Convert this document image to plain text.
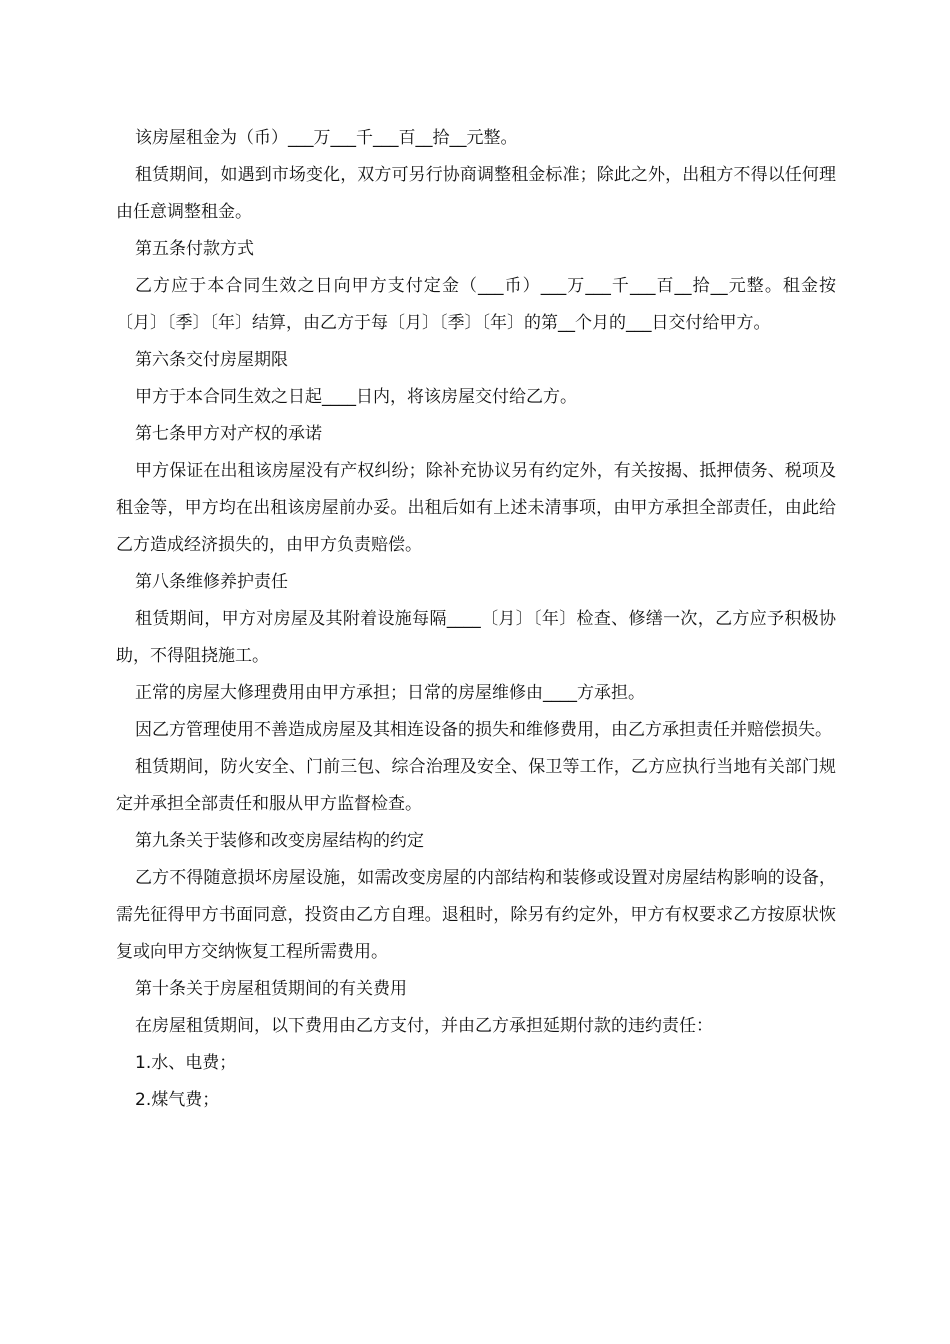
该房屋租金为（币）___万___千___百__拾__元整。

租赁期间，如遇到市场变化，双方可另行协商调整租金标准；除此之外，出租方不得以任何理由任意调整租金。

第五条付款方式

乙方应于本合同生效之日向甲方支付定金（___币）___万___千___百__拾__元整。租金按〔月〕〔季〕〔年〕结算，由乙方于每〔月〕〔季〕〔年〕的第__个月的___日交付给甲方。

第六条交付房屋期限

甲方于本合同生效之日起____日内，将该房屋交付给乙方。

第七条甲方对产权的承诺

甲方保证在出租该房屋没有产权纠纷；除补充协议另有约定外，有关按揭、抵押债务、税项及租金等，甲方均在出租该房屋前办妥。出租后如有上述未清事项，由甲方承担全部责任，由此给乙方造成经济损失的，由甲方负责赔偿。

第八条维修养护责任

租赁期间，甲方对房屋及其附着设施每隔____〔月〕〔年〕检查、修缮一次，乙方应予积极协助，不得阻挠施工。

正常的房屋大修理费用由甲方承担；日常的房屋维修由____方承担。

因乙方管理使用不善造成房屋及其相连设备的损失和维修费用，由乙方承担责任并赔偿损失。

租赁期间，防火安全、门前三包、综合治理及安全、保卫等工作，乙方应执行当地有关部门规定并承担全部责任和服从甲方监督检查。

第九条关于装修和改变房屋结构的约定

乙方不得随意损坏房屋设施，如需改变房屋的内部结构和装修或设置对房屋结构影响的设备，需先征得甲方书面同意，投资由乙方自理。退租时，除另有约定外，甲方有权要求乙方按原状恢复或向甲方交纳恢复工程所需费用。

第十条关于房屋租赁期间的有关费用

在房屋租赁期间，以下费用由乙方支付，并由乙方承担延期付款的违约责任：

1.水、电费；

2.煤气费；
